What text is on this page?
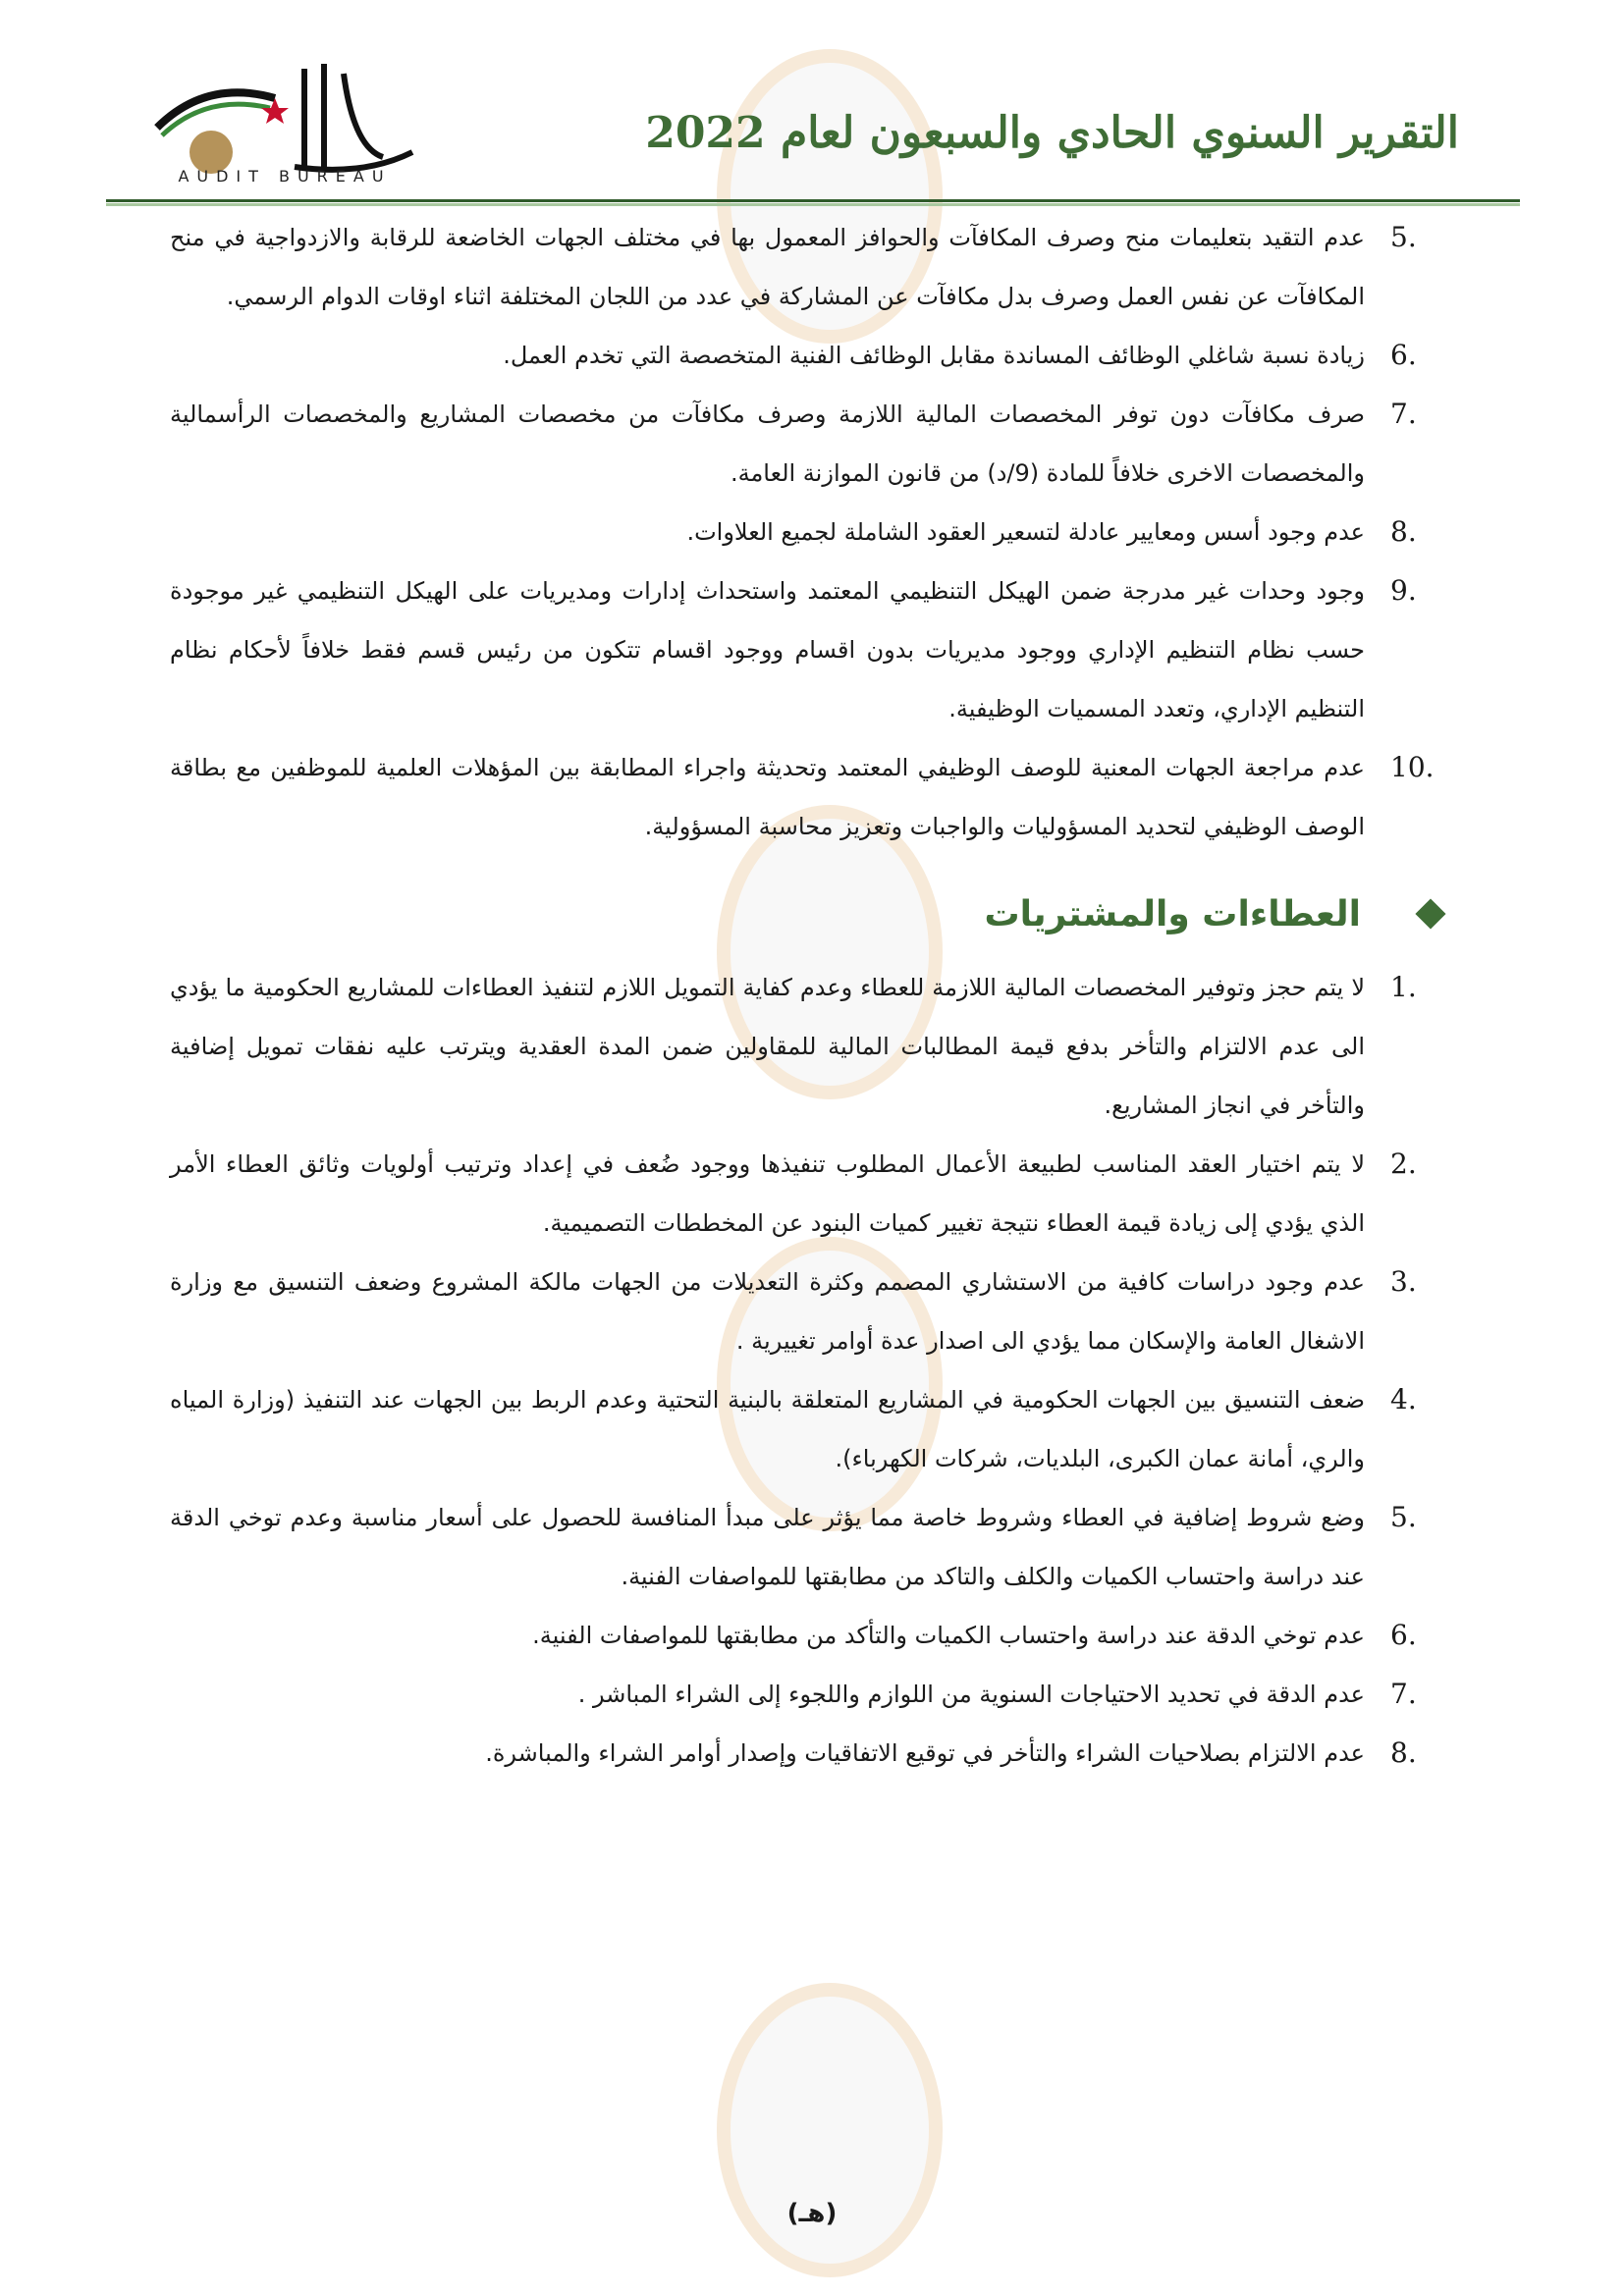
AUDIT BUREAU
التقرير السنوي الحادي والسبعون لعام 2022
5.
عدم التقيد بتعليمات منح وصرف المكافآت والحوافز المعمول بها في مختلف الجهات الخاضعة للرقابة والازدواجية في منح المكافآت عن نفس العمل وصرف بدل مكافآت عن المشاركة في عدد من اللجان المختلفة اثناء اوقات الدوام الرسمي.
6.
زيادة نسبة شاغلي الوظائف المساندة مقابل الوظائف الفنية المتخصصة التي تخدم العمل.
7.
صرف مكافآت دون توفر المخصصات المالية اللازمة وصرف مكافآت من مخصصات المشاريع والمخصصات الرأسمالية والمخصصات الاخرى خلافاً للمادة (9/د) من قانون الموازنة العامة.
8.
عدم وجود أسس ومعايير عادلة لتسعير العقود الشاملة لجميع العلاوات.
9.
وجود وحدات غير مدرجة ضمن الهيكل التنظيمي المعتمد واستحداث إدارات ومديريات على الهيكل التنظيمي غير موجودة حسب نظام التنظيم الإداري ووجود مديريات بدون اقسام ووجود اقسام تتكون من رئيس قسم فقط خلافاً لأحكام نظام التنظيم الإداري، وتعدد المسميات الوظيفية.
10.
عدم مراجعة الجهات المعنية للوصف الوظيفي المعتمد وتحديثة واجراء المطابقة بين المؤهلات العلمية للموظفين مع بطاقة الوصف الوظيفي لتحديد المسؤوليات والواجبات وتعزيز محاسبة المسؤولية.
العطاءات والمشتريات
1.
لا يتم حجز وتوفير المخصصات المالية اللازمة للعطاء وعدم كفاية التمويل اللازم لتنفيذ العطاءات للمشاريع الحكومية ما يؤدي الى عدم الالتزام والتأخر بدفع قيمة المطالبات المالية للمقاولين ضمن المدة العقدية ويترتب عليه نفقات تمويل إضافية والتأخر في انجاز المشاريع.
2.
لا يتم اختيار العقد المناسب لطبيعة الأعمال المطلوب تنفيذها ووجود ضُعف في إعداد وترتيب أولويات وثائق العطاء الأمر الذي يؤدي إلى زيادة قيمة العطاء نتيجة تغيير كميات البنود عن المخططات التصميمية.
3.
عدم وجود دراسات كافية من الاستشاري المصمم وكثرة التعديلات من الجهات مالكة المشروع وضعف التنسيق مع وزارة الاشغال العامة والإسكان مما يؤدي الى اصدار عدة أوامر تغييرية .
4.
ضعف التنسيق بين الجهات الحكومية في المشاريع المتعلقة بالبنية التحتية وعدم الربط بين الجهات عند التنفيذ (وزارة المياه والري، أمانة عمان الكبرى، البلديات، شركات الكهرباء).
5.
وضع شروط إضافية في العطاء وشروط خاصة مما يؤثر على مبدأ المنافسة للحصول على أسعار مناسبة وعدم توخي الدقة عند دراسة واحتساب الكميات والكلف والتاكد من مطابقتها للمواصفات الفنية.
6.
عدم توخي الدقة عند دراسة واحتساب الكميات والتأكد من مطابقتها للمواصفات الفنية.
7.
عدم الدقة في تحديد الاحتياجات السنوية من اللوازم واللجوء إلى الشراء المباشر .
8.
عدم الالتزام بصلاحيات الشراء والتأخر في توقيع الاتفاقيات وإصدار أوامر الشراء والمباشرة.
(هـ)
